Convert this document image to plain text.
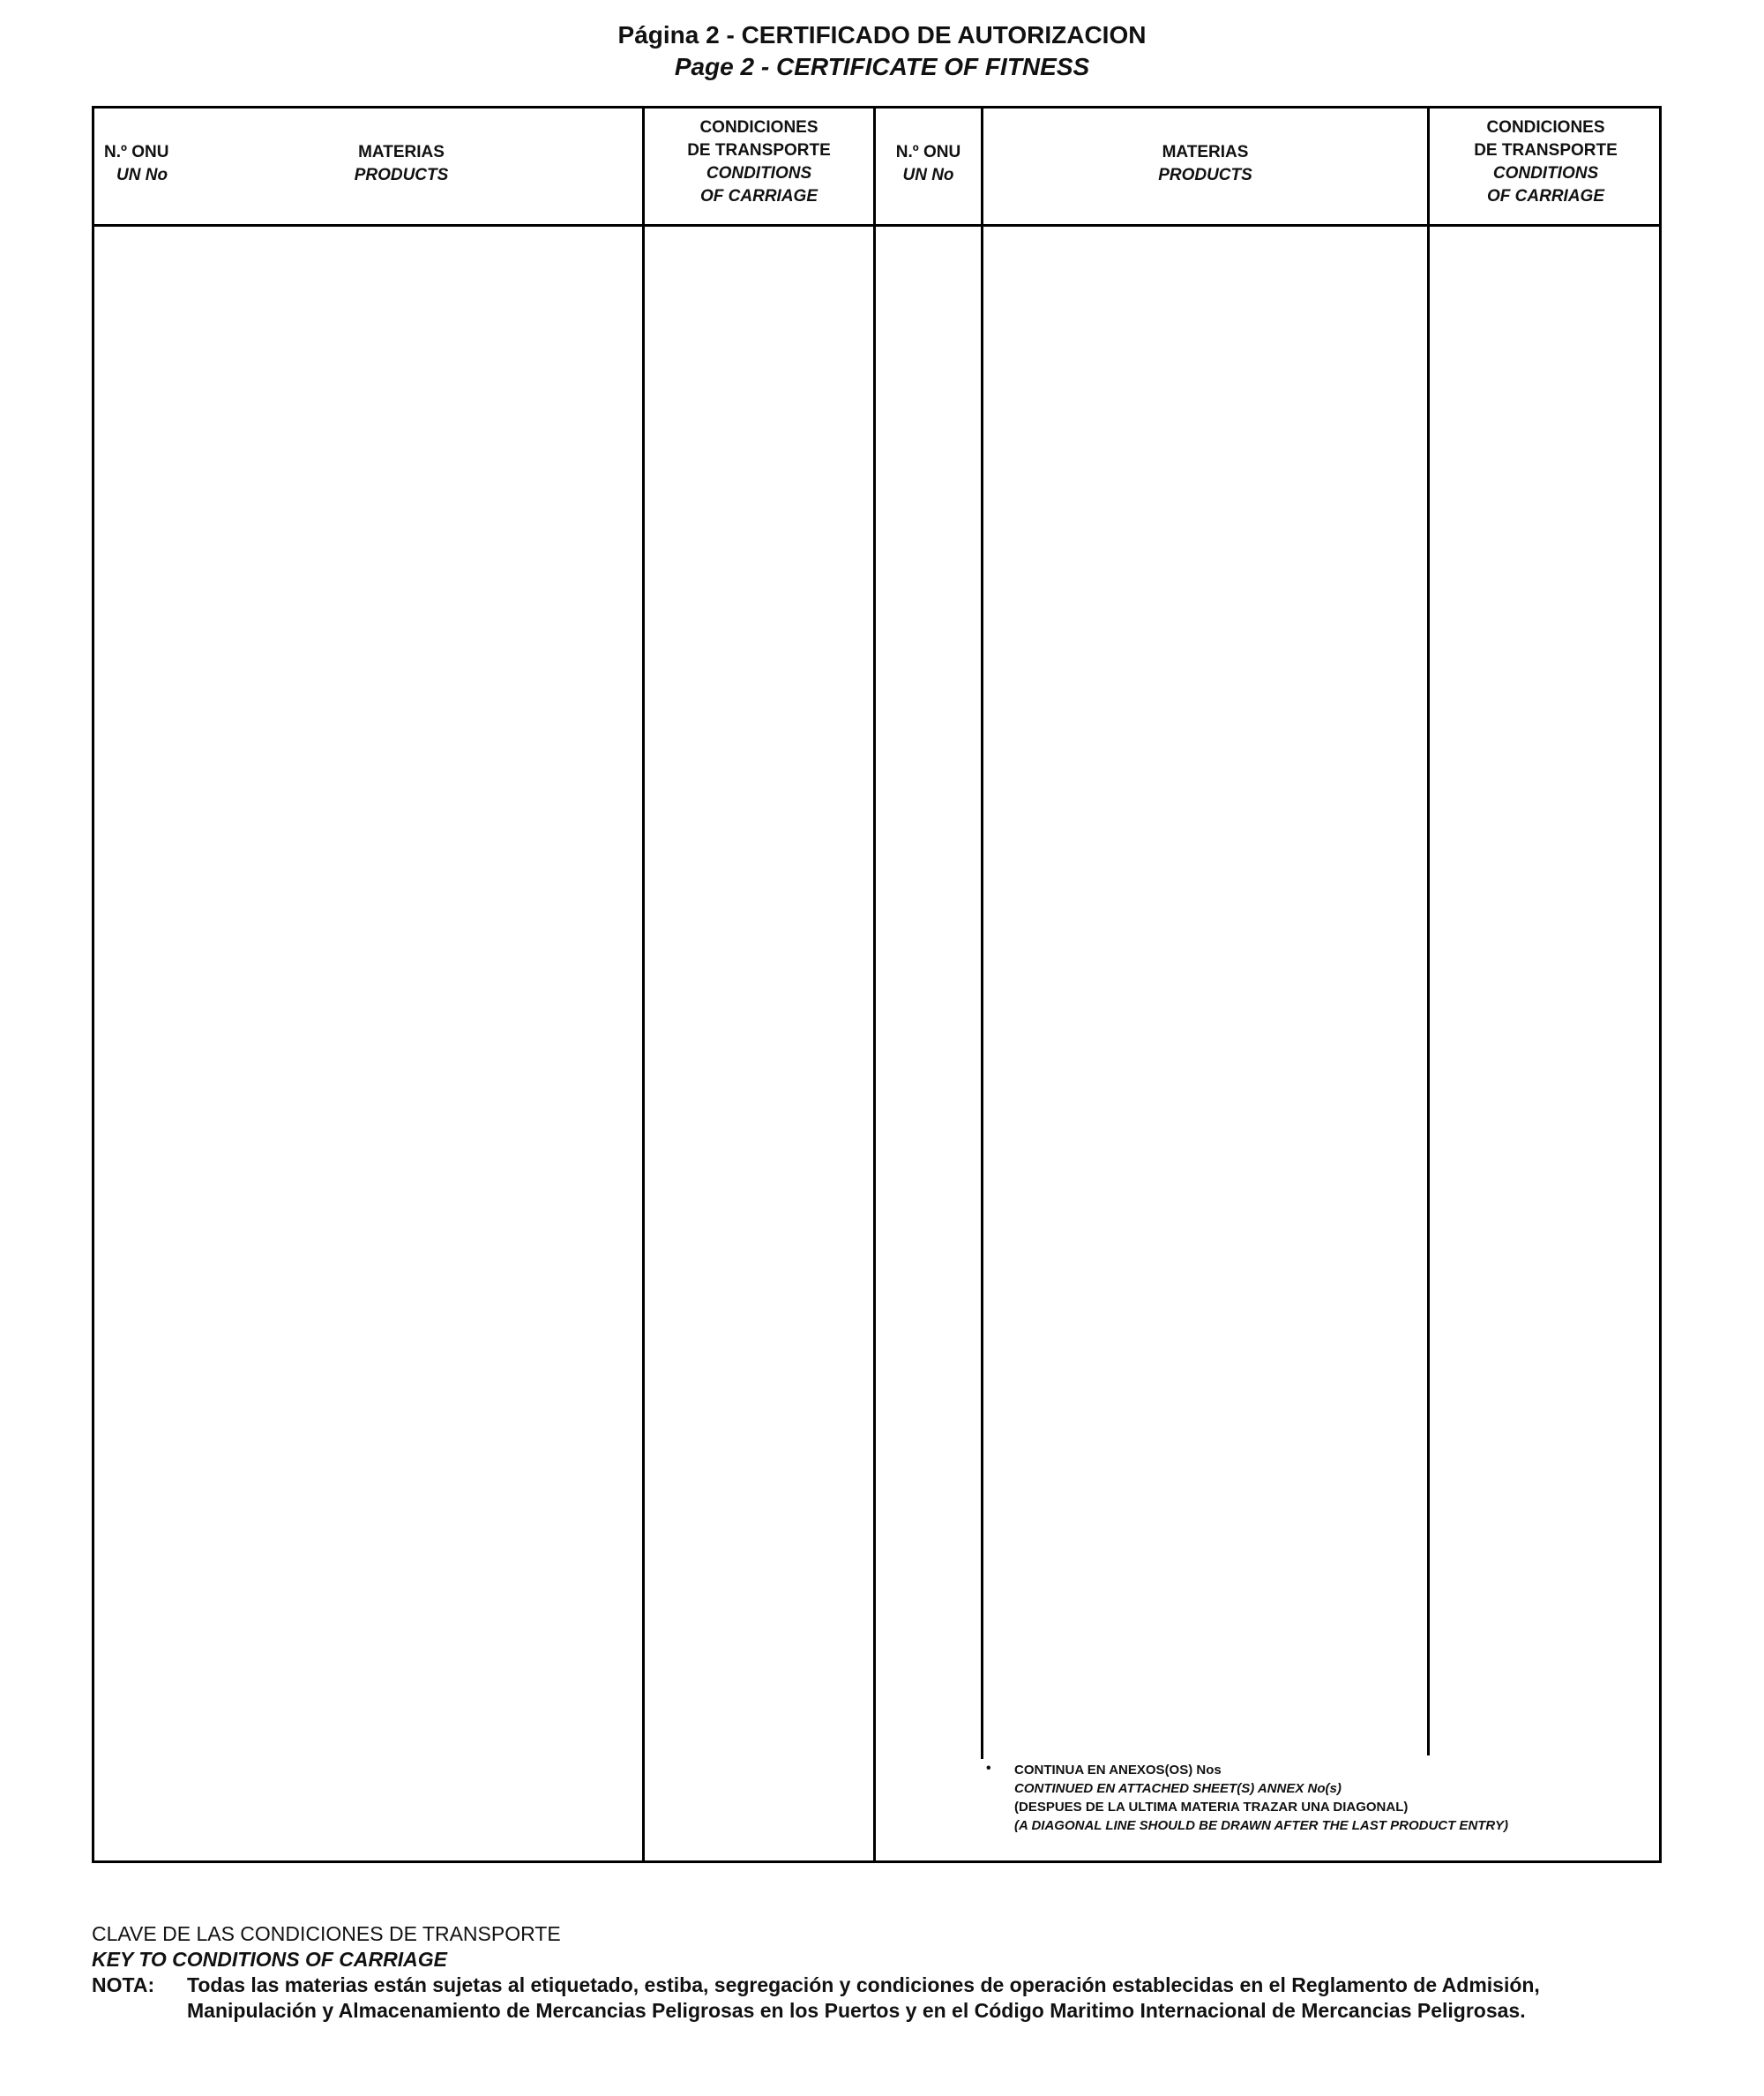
Página 2 - CERTIFICADO DE AUTORIZACION
Page 2 - CERTIFICATE OF FITNESS
N.º ONU
UN No
MATERIAS
PRODUCTS
CONDICIONES
DE TRANSPORTE
CONDITIONS
OF CARRIAGE
N.º ONU
UN No
MATERIAS
PRODUCTS
CONDICIONES
DE TRANSPORTE
CONDITIONS
OF CARRIAGE
• CONTINUA EN ANEXOS(OS) Nos
CONTINUED EN ATTACHED SHEET(S) ANNEX No(s)
(DESPUES DE LA ULTIMA MATERIA TRAZAR UNA DIAGONAL)
(A DIAGONAL LINE SHOULD BE DRAWN AFTER THE LAST PRODUCT ENTRY)
CLAVE DE LAS CONDICIONES DE TRANSPORTE
KEY TO CONDITIONS OF CARRIAGE
NOTA:	Todas las materias están sujetas al etiquetado, estiba, segregación y condiciones de operación establecidas en el Reglamento de Admisión,
Manipulación y Almacenamiento de Mercancias Peligrosas en los Puertos y en el Código Maritimo Internacional de Mercancias Peligrosas.
